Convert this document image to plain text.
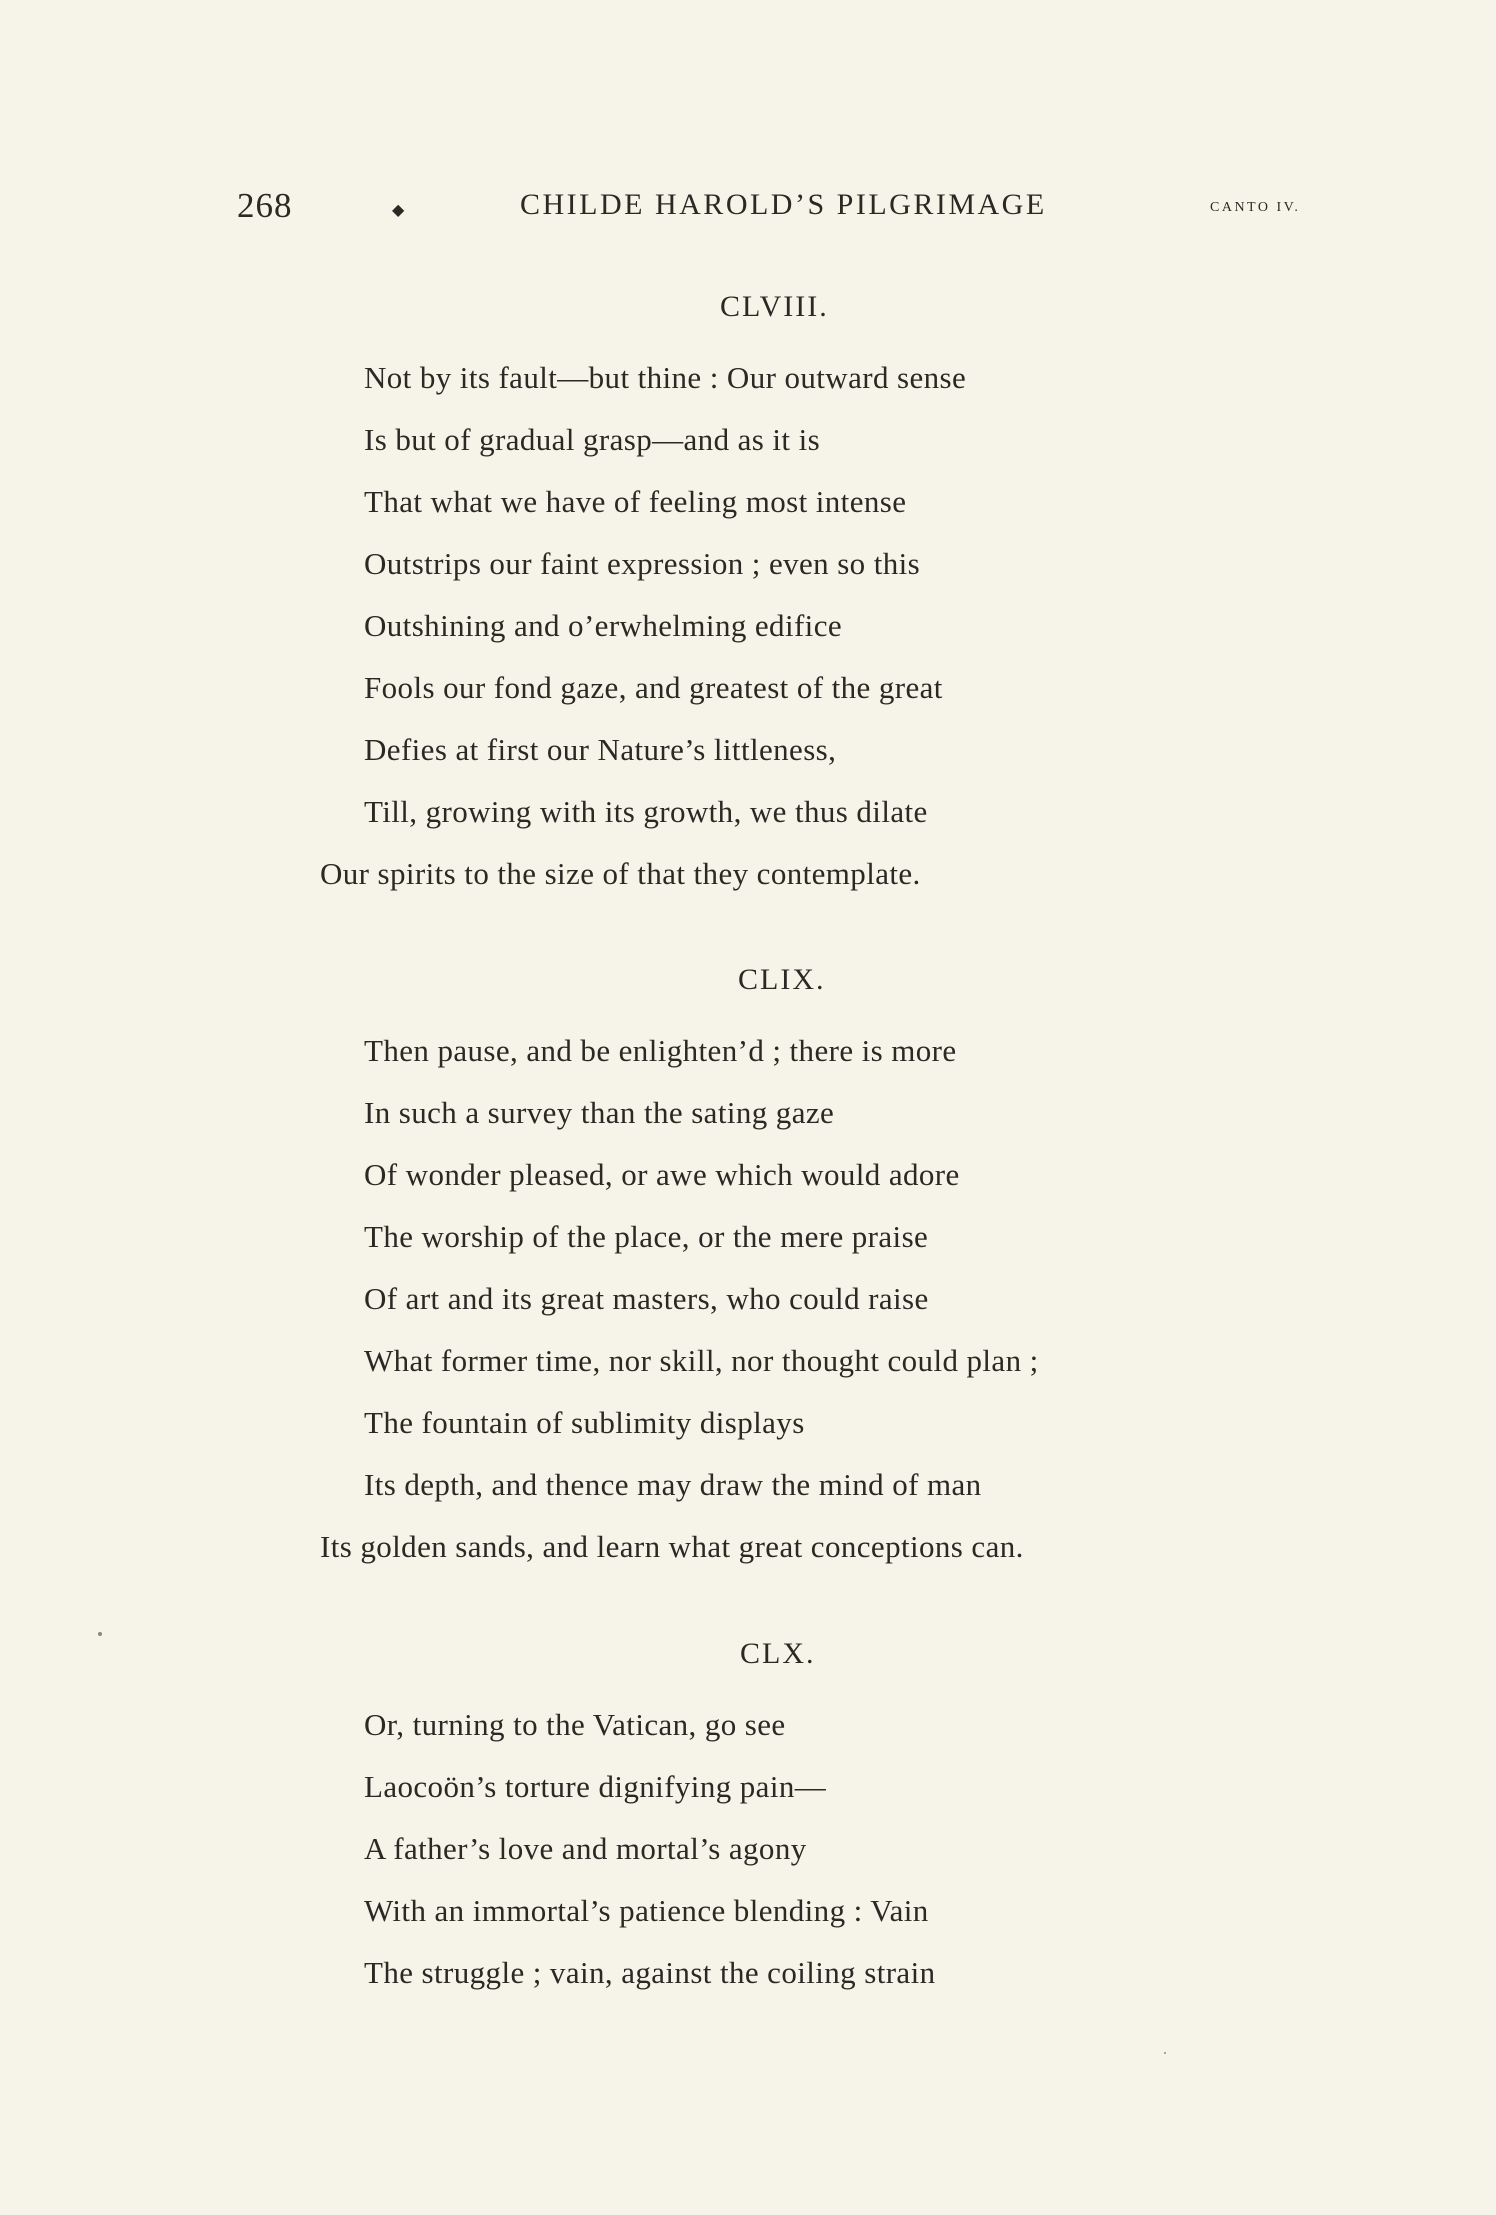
268	◆	CHILDE HAROLD’S PILGRIMAGE	CANTO IV.
CLVIII.
Not by its fault—but thine : Our outward sense
Is but of gradual grasp—and as it is
That what we have of feeling most intense
Outstrips our faint expression ; even so this
Outshining and o’erwhelming edifice
Fools our fond gaze, and greatest of the great
Defies at first our Nature’s littleness,
Till, growing with its growth, we thus dilate
Our spirits to the size of that they contemplate.
CLIX.
Then pause, and be enlighten’d ; there is more
In such a survey than the sating gaze
Of wonder pleased, or awe which would adore
The worship of the place, or the mere praise
Of art and its great masters, who could raise
What former time, nor skill, nor thought could plan ;
The fountain of sublimity displays
Its depth, and thence may draw the mind of man
Its golden sands, and learn what great conceptions can.
CLX.
Or, turning to the Vatican, go see
Laocoön’s torture dignifying pain—
A father’s love and mortal’s agony
With an immortal’s patience blending : Vain
The struggle ; vain, against the coiling strain
